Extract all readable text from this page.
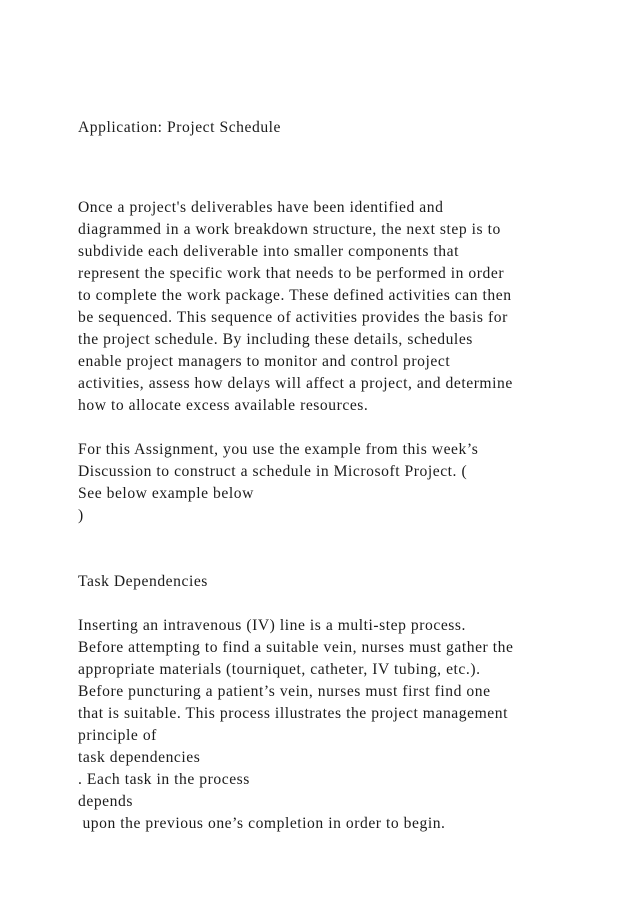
Application: Project Schedule
Once a project's deliverables have been identified and
diagrammed in a work breakdown structure, the next step is to
subdivide each deliverable into smaller components that
represent the specific work that needs to be performed in order
to complete the work package. These defined activities can then
be sequenced. This sequence of activities provides the basis for
the project schedule. By including these details, schedules
enable project managers to monitor and control project
activities, assess how delays will affect a project, and determine
how to allocate excess available resources.
For this Assignment, you use the example from this week’s
Discussion to construct a schedule in Microsoft Project. (
See below example below
)
Task Dependencies
Inserting an intravenous (IV) line is a multi-step process.
Before attempting to find a suitable vein, nurses must gather the
appropriate materials (tourniquet, catheter, IV tubing, etc.).
Before puncturing a patient’s vein, nurses must first find one
that is suitable. This process illustrates the project management
principle of
task dependencies
. Each task in the process
depends
upon the previous one’s completion in order to begin.
